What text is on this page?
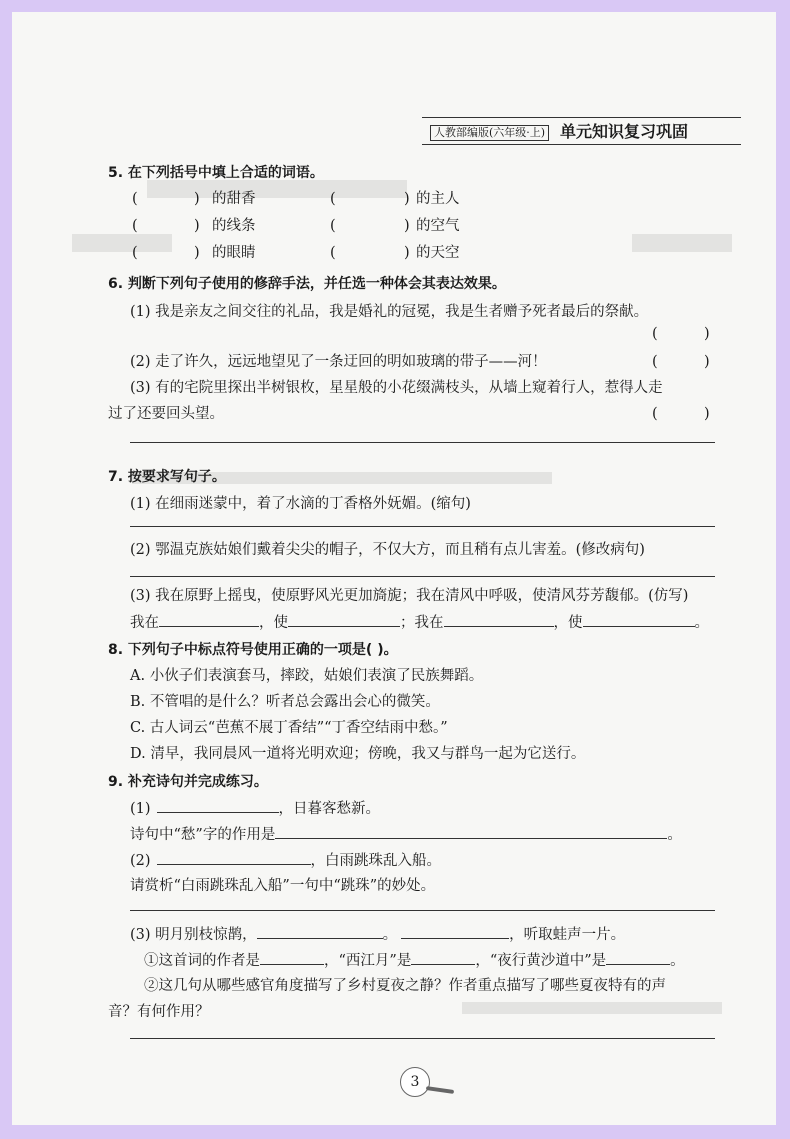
人教部编版(六年级·上) 单元知识复习巩固
5. 在下列括号中填上合适的词语。
(	) 的甜香	(	) 的主人
(	) 的线条	(	) 的空气
(	) 的眼睛	(	) 的天空
6. 判断下列句子使用的修辞手法，并任选一种体会其表达效果。
(1) 我是亲友之间交往的礼品，我是婚礼的冠冕，我是生者赠予死者最后的祭献。
(	)
(2) 走了许久，远远地望见了一条迂回的明如玻璃的带子——河！	(	)
(3) 有的宅院里探出半树银枚，星星般的小花缀满枝头，从墙上窥着行人，惹得人走
过了还要回头望。	(	)
7. 按要求写句子。
(1) 在细雨迷蒙中，着了水滴的丁香格外妩媚。(缩句)
(2) 鄂温克族姑娘们戴着尖尖的帽子，不仅大方，而且稍有点儿害羞。(修改病句)
(3) 我在原野上摇曳，使原野风光更加旖旎；我在清风中呼吸，使清风芬芳馥郁。(仿写)
我在	，使	；我在	，使	。
8. 下列句子中标点符号使用正确的一项是( )。
A. 小伙子们表演套马，摔跤，姑娘们表演了民族舞蹈。
B. 不管唱的是什么？听者总会露出会心的微笑。
C. 古人词云“芭蕉不展丁香结”“丁香空结雨中愁。”
D. 清早，我同晨风一道将光明欢迎；傍晚，我又与群鸟一起为它送行。
9. 补充诗句并完成练习。
(1)	，日暮客愁新。
诗句中“愁”字的作用是	。
(2)	，白雨跳珠乱入船。
请赏析“白雨跳珠乱入船”一句中“跳珠”的妙处。
(3) 明月别枝惊鹊，	。	，听取蛙声一片。
①这首词的作者是	，“西江月”是	，“夜行黄沙道中”是	。
②这几句从哪些感官角度描写了乡村夏夜之静？作者重点描写了哪些夏夜特有的声
音？有何作用？
3
